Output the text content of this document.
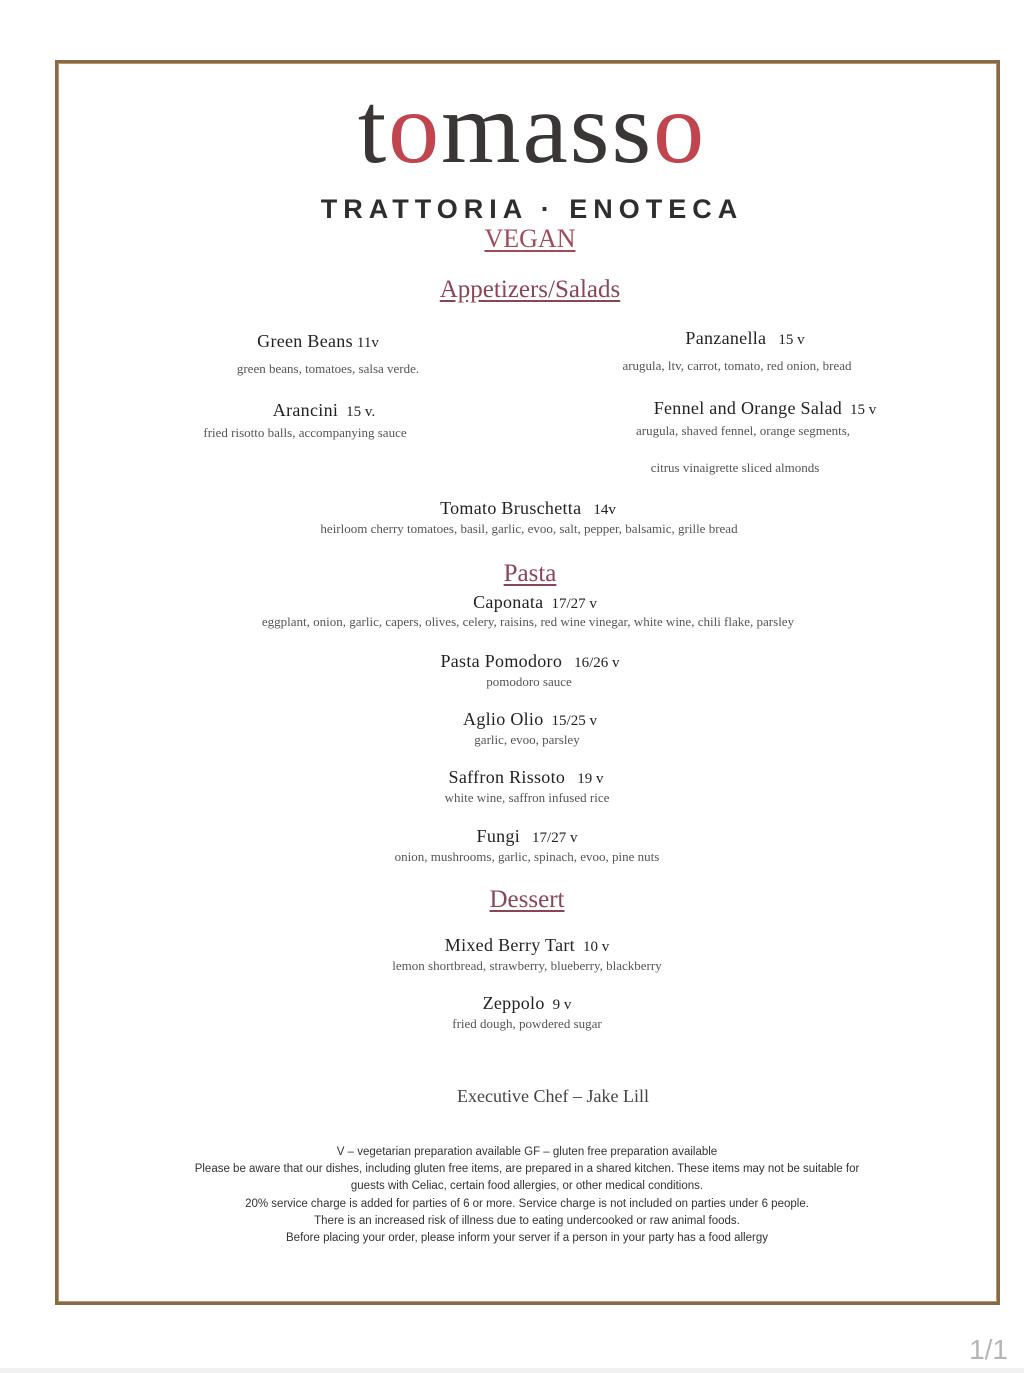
tomasso
TRATTORIA · ENOTECA
VEGAN
Appetizers/Salads
Green Beans 11v
green beans, tomatoes, salsa verde.
Panzanella 15 v
arugula, ltv, carrot, tomato, red onion, bread
Arancini 15 v.
fried risotto balls, accompanying sauce
Fennel and Orange Salad 15 v
arugula, shaved fennel, orange segments,
citrus vinaigrette sliced almonds
Tomato Bruschetta 14v
heirloom cherry tomatoes, basil, garlic, evoo, salt, pepper, balsamic, grille bread
Pasta
Caponata 17/27 v
eggplant, onion, garlic, capers, olives, celery, raisins, red wine vinegar, white wine, chili flake, parsley
Pasta Pomodoro 16/26 v
pomodoro sauce
Aglio Olio 15/25 v
garlic, evoo, parsley
Saffron Rissoto 19 v
white wine, saffron infused rice
Fungi 17/27 v
onion, mushrooms, garlic, spinach, evoo, pine nuts
Dessert
Mixed Berry Tart 10 v
lemon shortbread, strawberry, blueberry, blackberry
Zeppolo 9 v
fried dough, powdered sugar
Executive Chef – Jake Lill
V – vegetarian preparation available GF – gluten free preparation available
Please be aware that our dishes, including gluten free items, are prepared in a shared kitchen. These items may not be suitable for
guests with Celiac, certain food allergies, or other medical conditions.
20% service charge is added for parties of 6 or more. Service charge is not included on parties under 6 people.
There is an increased risk of illness due to eating undercooked or raw animal foods.
Before placing your order, please inform your server if a person in your party has a food allergy
1/1
